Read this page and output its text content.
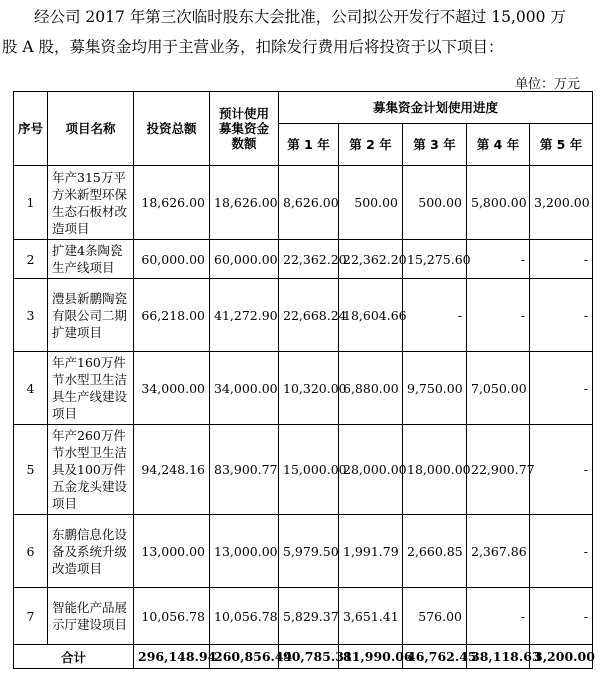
经公司 2017 年第三次临时股东大会批准，公司拟公开发行不超过 15,000 万
股 A 股，募集资金均用于主营业务，扣除发行费用后将投资于以下项目：
单位：万元
序号	项目名称	投资总额	预计使用募集资金数额	募集资金计划使用进度				
				第 1 年	第 2 年	第 3 年	第 4 年	第 5 年
1	年产315万平方米新型环保生态石板材改造项目	18,626.00	18,626.00	8,626.00	500.00	500.00	5,800.00	3,200.00
2	扩建4条陶瓷生产线项目	60,000.00	60,000.00	22,362.20	22,362.20	15,275.60	-	-
3	澧县新鹏陶瓷有限公司二期扩建项目	66,218.00	41,272.90	22,668.24	18,604.66	-	-	-
4	年产160万件节水型卫生洁具生产线建设项目	34,000.00	34,000.00	10,320.00	6,880.00	9,750.00	7,050.00	-
5	年产260万件节水型卫生洁具及100万件五金龙头建设项目	94,248.16	83,900.77	15,000.00	28,000.00	18,000.00	22,900.77	-
6	东鹏信息化设备及系统升级改造项目	13,000.00	13,000.00	5,979.50	1,991.79	2,660.85	2,367.86	-
7	智能化产品展示厅建设项目	10,056.78	10,056.78	5,829.37	3,651.41	576.00	-	-
合计		296,148.94	260,856.44	90,785.31	81,990.06	46,762.45	38,118.63	3,200.00
